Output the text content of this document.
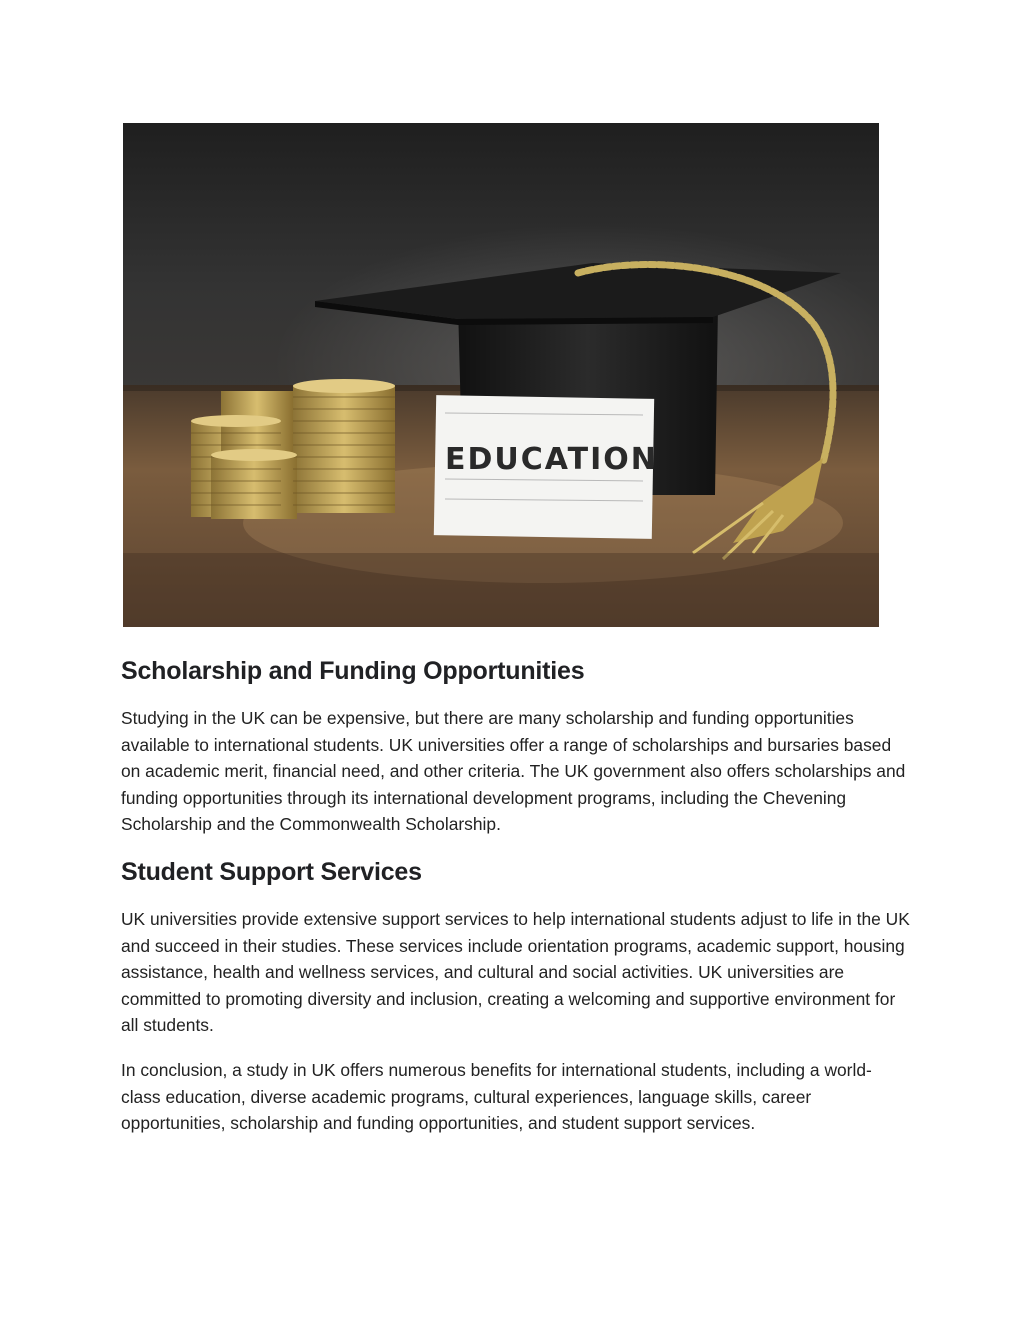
EDUCATION
Scholarship and Funding Opportunities

Studying in the UK can be expensive, but there are many scholarship and funding opportunities available to international students. UK universities offer a range of scholarships and bursaries based on academic merit, financial need, and other criteria. The UK government also offers scholarships and funding opportunities through its international development programs, including the Chevening Scholarship and the Commonwealth Scholarship.

Student Support Services

UK universities provide extensive support services to help international students adjust to life in the UK and succeed in their studies. These services include orientation programs, academic support, housing assistance, health and wellness services, and cultural and social activities. UK universities are committed to promoting diversity and inclusion, creating a welcoming and supportive environment for all students.

In conclusion, a study in UK offers numerous benefits for international students, including a world-class education, diverse academic programs, cultural experiences, language skills, career opportunities, scholarship and funding opportunities, and student support services.
